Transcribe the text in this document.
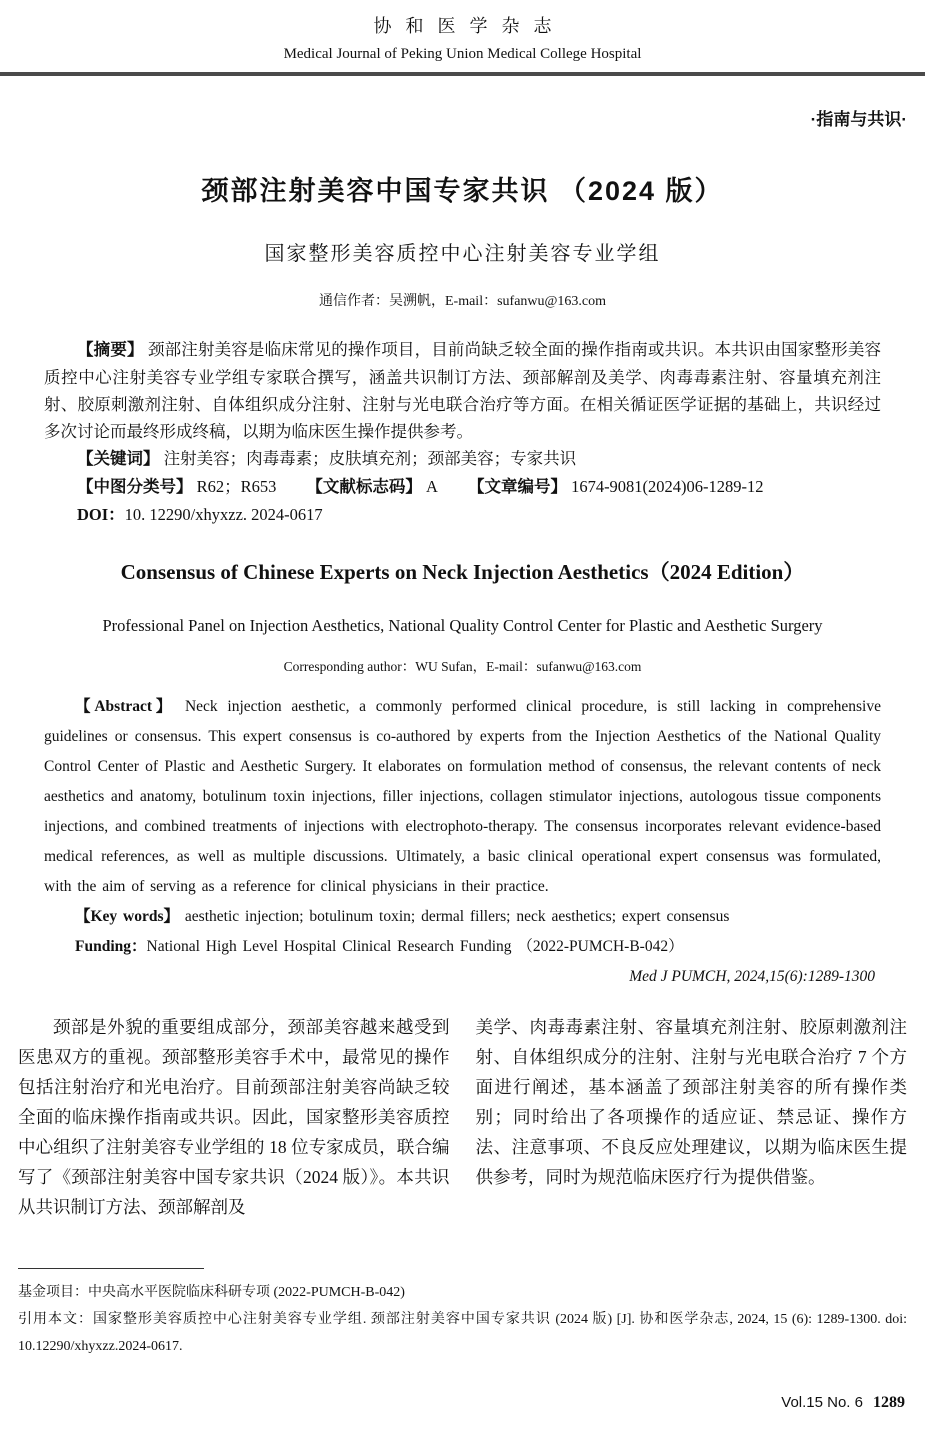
协和医学杂志
Medical Journal of Peking Union Medical College Hospital
·指南与共识·
颈部注射美容中国专家共识 （2024 版）
国家整形美容质控中心注射美容专业学组
通信作者：吴溯帆，E-mail：sufanwu@163.com

【摘要】 颈部注射美容是临床常见的操作项目，目前尚缺乏较全面的操作指南或共识。本共识由国家整形美容质控中心注射美容专业学组专家联合撰写，涵盖共识制订方法、颈部解剖及美学、肉毒毒素注射、容量填充剂注射、胶原刺激剂注射、自体组织成分注射、注射与光电联合治疗等方面。在相关循证医学证据的基础上，共识经过多次讨论而最终形成终稿，以期为临床医生操作提供参考。

【关键词】 注射美容；肉毒毒素；皮肤填充剂；颈部美容；专家共识

【中图分类号】 R62；R653 【文献标志码】 A 【文章编号】 1674-9081(2024)06-1289-12

DOI：10. 12290/xhyxzz. 2024-0617

Consensus of Chinese Experts on Neck Injection Aesthetics（2024 Edition）
Professional Panel on Injection Aesthetics, National Quality Control Center for Plastic and Aesthetic Surgery
Corresponding author：WU Sufan，E-mail：sufanwu@163.com

【Abstract】 Neck injection aesthetic, a commonly performed clinical procedure, is still lacking in comprehensive guidelines or consensus. This expert consensus is co-authored by experts from the Injection Aesthetics of the National Quality Control Center of Plastic and Aesthetic Surgery. It elaborates on formulation method of consensus, the relevant contents of neck aesthetics and anatomy, botulinum toxin injections, filler injections, collagen stimulator injections, autologous tissue components injections, and combined treatments of injections with electrophoto-therapy. The consensus incorporates relevant evidence-based medical references, as well as multiple discussions. Ultimately, a basic clinical operational expert consensus was formulated, with the aim of serving as a reference for clinical physicians in their practice.

【Key words】 aesthetic injection; botulinum toxin; dermal fillers; neck aesthetics; expert consensus

Funding：National High Level Hospital Clinical Research Funding （2022-PUMCH-B-042）

Med J PUMCH, 2024,15(6):1289-1300

颈部是外貌的重要组成部分，颈部美容越来越受到医患双方的重视。颈部整形美容手术中，最常见的操作包括注射治疗和光电治疗。目前颈部注射美容尚缺乏较全面的临床操作指南或共识。因此，国家整形美容质控中心组织了注射美容专业学组的 18 位专家成员，联合编写了《颈部注射美容中国专家共识（2024 版）》。本共识从共识制订方法、颈部解剖及

美学、肉毒毒素注射、容量填充剂注射、胶原刺激剂注射、自体组织成分的注射、注射与光电联合治疗 7 个方面进行阐述，基本涵盖了颈部注射美容的所有操作类别；同时给出了各项操作的适应证、禁忌证、操作方法、注意事项、不良反应处理建议，以期为临床医生提供参考，同时为规范临床医疗行为提供借鉴。

基金项目：中央高水平医院临床科研专项 (2022-PUMCH-B-042)

引用本文：国家整形美容质控中心注射美容专业学组. 颈部注射美容中国专家共识 (2024 版) [J]. 协和医学杂志, 2024, 15 (6): 1289-1300. doi: 10.12290/xhyxzz.2024-0617.

Vol.15 No. 6 1289
